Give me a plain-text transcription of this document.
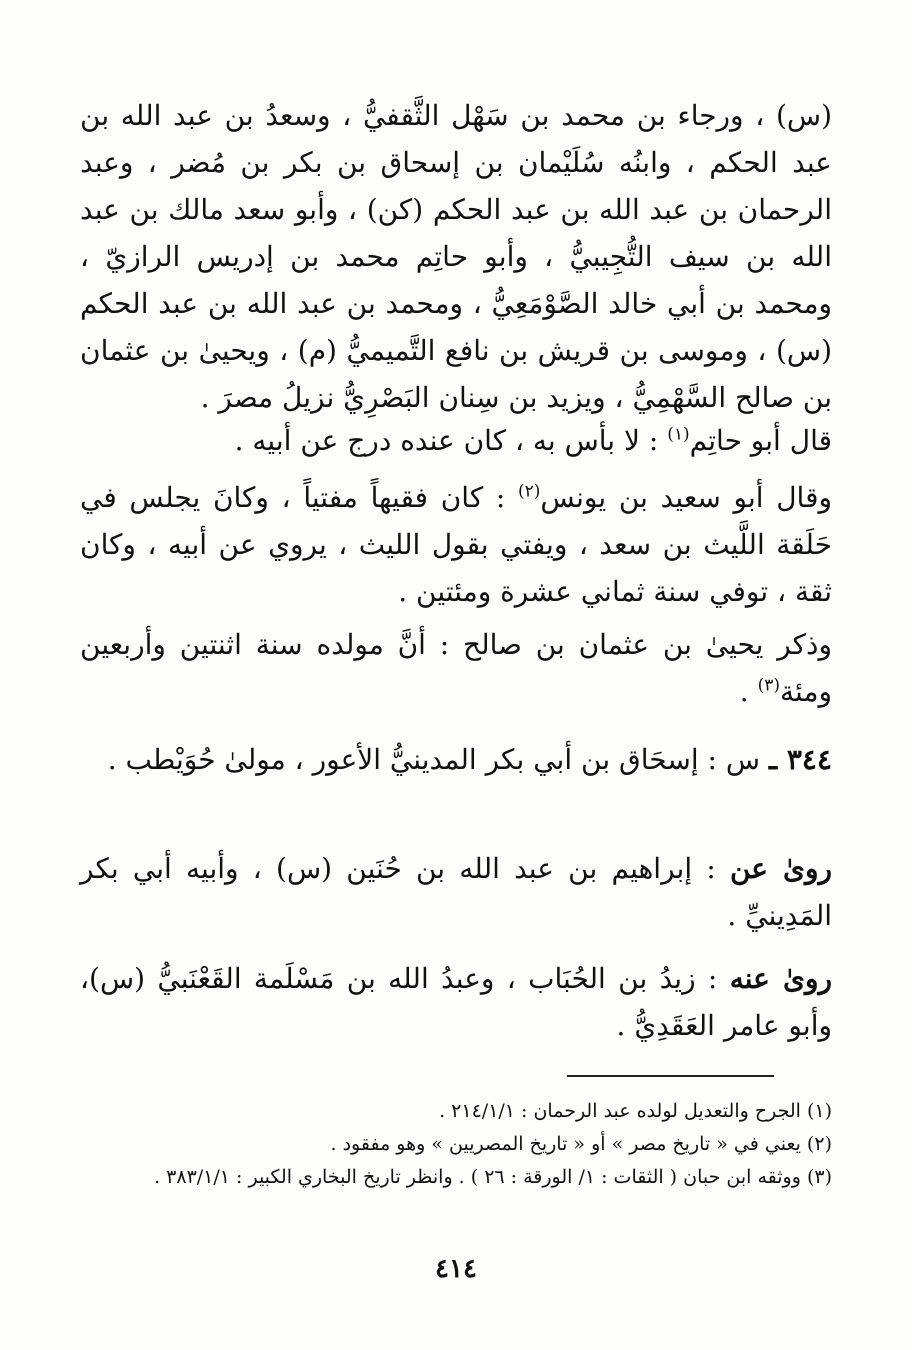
(س) ، ورجاء بن محمد بن سَهْل الثَّقفيُّ ، وسعدُ بن عبد الله بن عبد الحكم ، وابنُه سُلَيْمان بن إسحاق بن بكر بن مُضر ، وعبد الرحمان بن عبد الله بن عبد الحكم (كن) ، وأبو سعد مالك بن عبد الله بن سيف التُّجِيبيُّ ، وأبو حاتِم محمد بن إدريس الرازيّ ، ومحمد بن أبي خالد الصَّوْمَعِيُّ ، ومحمد بن عبد الله بن عبد الحكم (س) ، وموسى بن قريش بن نافع التَّميميُّ (م) ، ويحيىٰ بن عثمان بن صالح السَّهْمِيُّ ، ويزيد بن سِنان البَصْرِيُّ نزيلُ مصرَ .

قال أبو حاتِم$^{(١)}$ : لا بأس به ، كان عنده درج عن أبيه .

وقال أبو سعيد بن يونس$^{(٢)}$ : كان فقيهاً مفتياً ، وكانَ يجلس في حَلَقة اللَّيث بن سعد ، ويفتي بقول الليث ، يروي عن أبيه ، وكان ثقة ، توفي سنة ثماني عشرة ومئتين .

وذكر يحيىٰ بن عثمان بن صالح : أنَّ مولده سنة اثنتين وأربعين ومئة$^{(٣)}$ .

٣٤٤ ـ س : إسحَاق بن أبي بكر المدينيُّ الأعور ، مولىٰ حُوَيْطب .

روىٰ عن : إبراهيم بن عبد الله بن حُنَين (س) ، وأبيه أبي بكر المَدِينيِّ .

روىٰ عنه : زيدُ بن الحُبَاب ، وعبدُ الله بن مَسْلَمة القَعْنَبيُّ (س)، وأبو عامر العَقَدِيُّ .

(١) الجرح والتعديل لولده عبد الرحمان : ٢١٤/١/١ .

(٢) يعني في « تاريخ مصر » أو « تاريخ المصريين » وهو مفقود .

(٣) ووثقه ابن حبان ( الثقات : ١/ الورقة : ٢٦ ) . وانظر تاريخ البخاري الكبير : ٣٨٣/١/١ .

٤١٤
